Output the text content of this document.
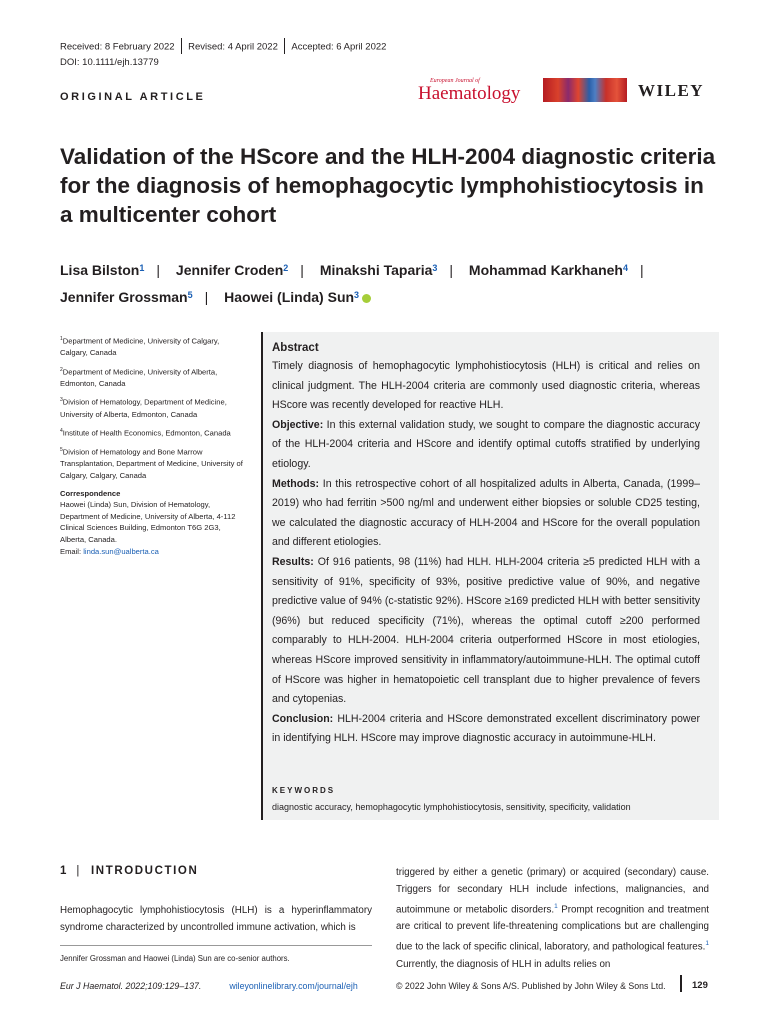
Received: 8 February 2022 Revised: 4 April 2022 Accepted: 6 April 2022
DOI: 10.1111/ejh.13779
ORIGINAL ARTICLE
European Journal of
Haematology	WILEY
Validation of the HScore and the HLH-2004 diagnostic criteria for the diagnosis of hemophagocytic lymphohistiocytosis in a multicenter cohort
Lisa Bilston$^1$ | Jennifer Croden$^2$ | Minakshi Taparia$^3$ | Mohammad Karkhaneh$^4$ |
Jennifer Grossman$^5$ | Haowei (Linda) Sun$^3$

$^1$Department of Medicine, University of Calgary, Calgary, Canada

$^2$Department of Medicine, University of Alberta, Edmonton, Canada

$^3$Division of Hematology, Department of Medicine, University of Alberta, Edmonton, Canada

$^4$Institute of Health Economics, Edmonton, Canada

$^5$Division of Hematology and Bone Marrow Transplantation, Department of Medicine, University of Calgary, Calgary, Canada

Correspondence

Haowei (Linda) Sun, Division of Hematology, Department of Medicine, University of Alberta, 4-112 Clinical Sciences Building, Edmonton T6G 2G3, Alberta, Canada.
Email: linda.sun@ualberta.ca

Abstract

Timely diagnosis of hemophagocytic lymphohistiocytosis (HLH) is critical and relies on clinical judgment. The HLH-2004 criteria are commonly used diagnostic criteria, whereas HScore was recently developed for reactive HLH.

Objective: In this external validation study, we sought to compare the diagnostic accuracy of the HLH-2004 criteria and HScore and identify optimal cutoffs stratified by underlying etiology.

Methods: In this retrospective cohort of all hospitalized adults in Alberta, Canada, (1999–2019) who had ferritin >500 ng/ml and underwent either biopsies or soluble CD25 testing, we calculated the diagnostic accuracy of HLH-2004 and HScore for the overall population and different etiologies.

Results: Of 916 patients, 98 (11%) had HLH. HLH-2004 criteria ≥5 predicted HLH with a sensitivity of 91%, specificity of 93%, positive predictive value of 90%, and negative predictive value of 94% (c-statistic 92%). HScore ≥169 predicted HLH with better sensitivity (96%) but reduced specificity (71%), whereas the optimal cutoff ≥200 performed comparably to HLH-2004. HLH-2004 criteria outperformed HScore in most etiologies, whereas HScore improved sensitivity in inflammatory/autoimmune-HLH. The optimal cutoff of HScore was higher in hematopoietic cell transplant due to higher prevalence of fevers and cytopenias.

Conclusion: HLH-2004 criteria and HScore demonstrated excellent discriminatory power in identifying HLH. HScore may improve diagnostic accuracy in autoimmune-HLH.

KEYWORDS
diagnostic accuracy, hemophagocytic lymphohistiocytosis, sensitivity, specificity, validation
1 | INTRODUCTION
Hemophagocytic lymphohistiocytosis (HLH) is a hyperinflammatory syndrome characterized by uncontrolled immune activation, which is
Jennifer Grossman and Haowei (Linda) Sun are co-senior authors.
triggered by either a genetic (primary) or acquired (secondary) cause. Triggers for secondary HLH include infections, malignancies, and autoimmune or metabolic disorders.$^1$ Prompt recognition and treatment are critical to prevent life-threatening complications but are challenging due to the lack of specific clinical, laboratory, and pathological features.$^1$ Currently, the diagnosis of HLH in adults relies on
Eur J Haematol. 2022;109:129–137.	wileyonlinelibrary.com/journal/ejh	© 2022 John Wiley & Sons A/S. Published by John Wiley & Sons Ltd.	129
